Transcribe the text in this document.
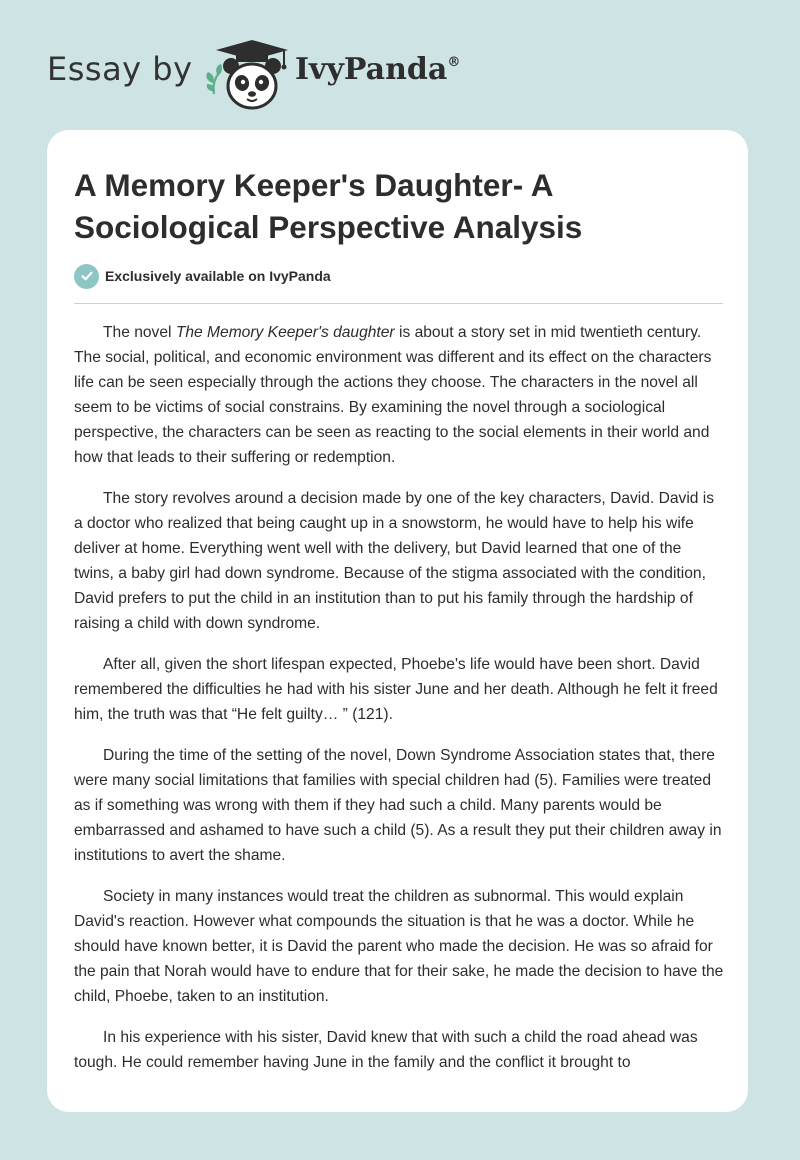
Essay by	IvyPanda®
A Memory Keeper's Daughter- A Sociological Perspective Analysis
Exclusively available on IvyPanda

The novel The Memory Keeper's daughter is about a story set in mid twentieth century. The social, political, and economic environment was different and its effect on the characters life can be seen especially through the actions they choose. The characters in the novel all seem to be victims of social constrains. By examining the novel through a sociological perspective, the characters can be seen as reacting to the social elements in their world and how that leads to their suffering or redemption.

The story revolves around a decision made by one of the key characters, David. David is a doctor who realized that being caught up in a snowstorm, he would have to help his wife deliver at home. Everything went well with the delivery, but David learned that one of the twins, a baby girl had down syndrome. Because of the stigma associated with the condition, David prefers to put the child in an institution than to put his family through the hardship of raising a child with down syndrome.

After all, given the short lifespan expected, Phoebe's life would have been short. David remembered the difficulties he had with his sister June and her death. Although he felt it freed him, the truth was that “He felt guilty… ” (121).

During the time of the setting of the novel, Down Syndrome Association states that, there were many social limitations that families with special children had (5). Families were treated as if something was wrong with them if they had such a child. Many parents would be embarrassed and ashamed to have such a child (5). As a result they put their children away in institutions to avert the shame.

Society in many instances would treat the children as subnormal. This would explain David's reaction. However what compounds the situation is that he was a doctor. While he should have known better, it is David the parent who made the decision. He was so afraid for the pain that Norah would have to endure that for their sake, he made the decision to have the child, Phoebe, taken to an institution.

In his experience with his sister, David knew that with such a child the road ahead was tough. He could remember having June in the family and the conflict it brought to
